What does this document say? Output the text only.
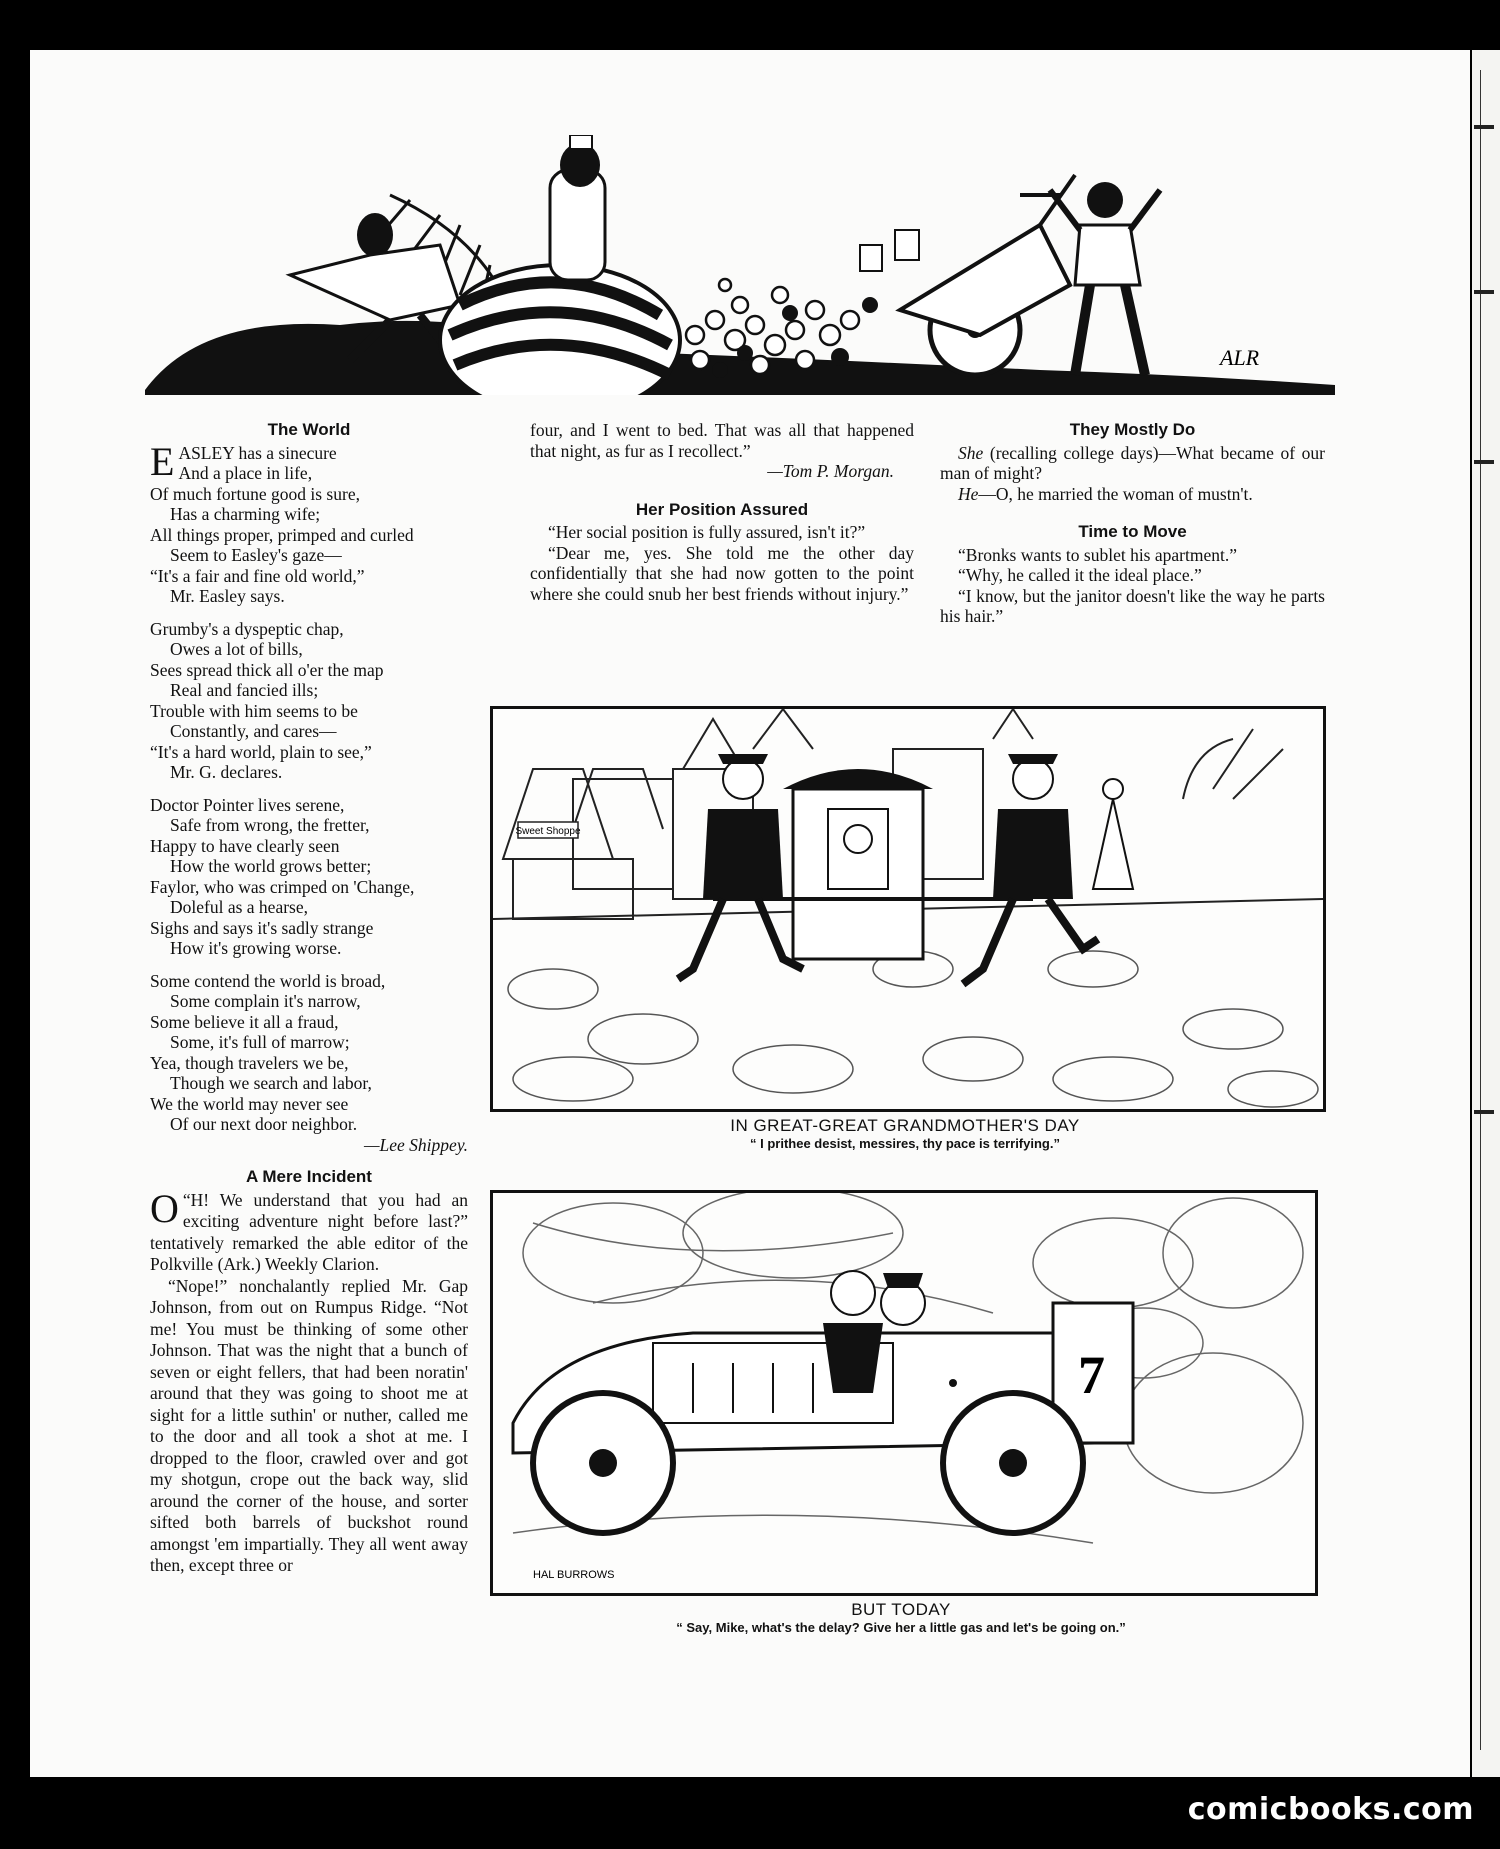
ALR
The World
E ASLEY has a sinecure

And a place in life,

Of much fortune good is sure,

Has a charming wife;

All things proper, primped and curled

Seem to Easley's gaze—

“It's a fair and fine old world,”

Mr. Easley says.

Grumby's a dyspeptic chap,

Owes a lot of bills,

Sees spread thick all o'er the map

Real and fancied ills;

Trouble with him seems to be

Constantly, and cares—

“It's a hard world, plain to see,”

Mr. G. declares.

Doctor Pointer lives serene,

Safe from wrong, the fretter,

Happy to have clearly seen

How the world grows better;

Faylor, who was crimped on 'Change,

Doleful as a hearse,

Sighs and says it's sadly strange

How it's growing worse.

Some contend the world is broad,

Some complain it's narrow,

Some believe it all a fraud,

Some, it's full of marrow;

Yea, though travelers we be,

Though we search and labor,

We the world may never see

Of our next door neighbor.

—Lee Shippey.
A Mere Incident

“
O H! We understand that you had an exciting adventure night before last?” tentatively remarked the able editor of the Polkville (Ark.) Weekly Clarion.

“Nope!” nonchalantly replied Mr. Gap Johnson, from out on Rumpus Ridge. “Not me! You must be thinking of some other Johnson. That was the night that a bunch of seven or eight fellers, that had been noratin' around that they was going to shoot me at sight for a little suthin' or nuther, called me to the door and all took a shot at me. I dropped to the floor, crawled over and got my shotgun, crope out the back way, slid around the corner of the house, and sorter sifted both barrels of buckshot round amongst 'em impartially. They all went away then, except three or

four, and I went to bed. That was all that happened that night, as fur as I recollect.”

—Tom P. Morgan.
Her Position Assured

“Her social position is fully assured, isn't it?”

“Dear me, yes. She told me the other day confidentially that she had now gotten to the point where she could snub her best friends without injury.”

They Mostly Do

She (recalling college days)—What became of our man of might?

He—O, he married the woman of mustn't.

Time to Move

“Bronks wants to sublet his apartment.”

“Why, he called it the ideal place.”

“I know, but the janitor doesn't like the way he parts his hair.”

Sweet Shoppe
IN GREAT-GREAT GRANDMOTHER'S DAY
“ I prithee desist, messires, thy pace is terrifying.”
7
HAL BURROWS
BUT TODAY
“ Say, Mike, what's the delay? Give her a little gas and let's be going on.”
comicbooks.com
